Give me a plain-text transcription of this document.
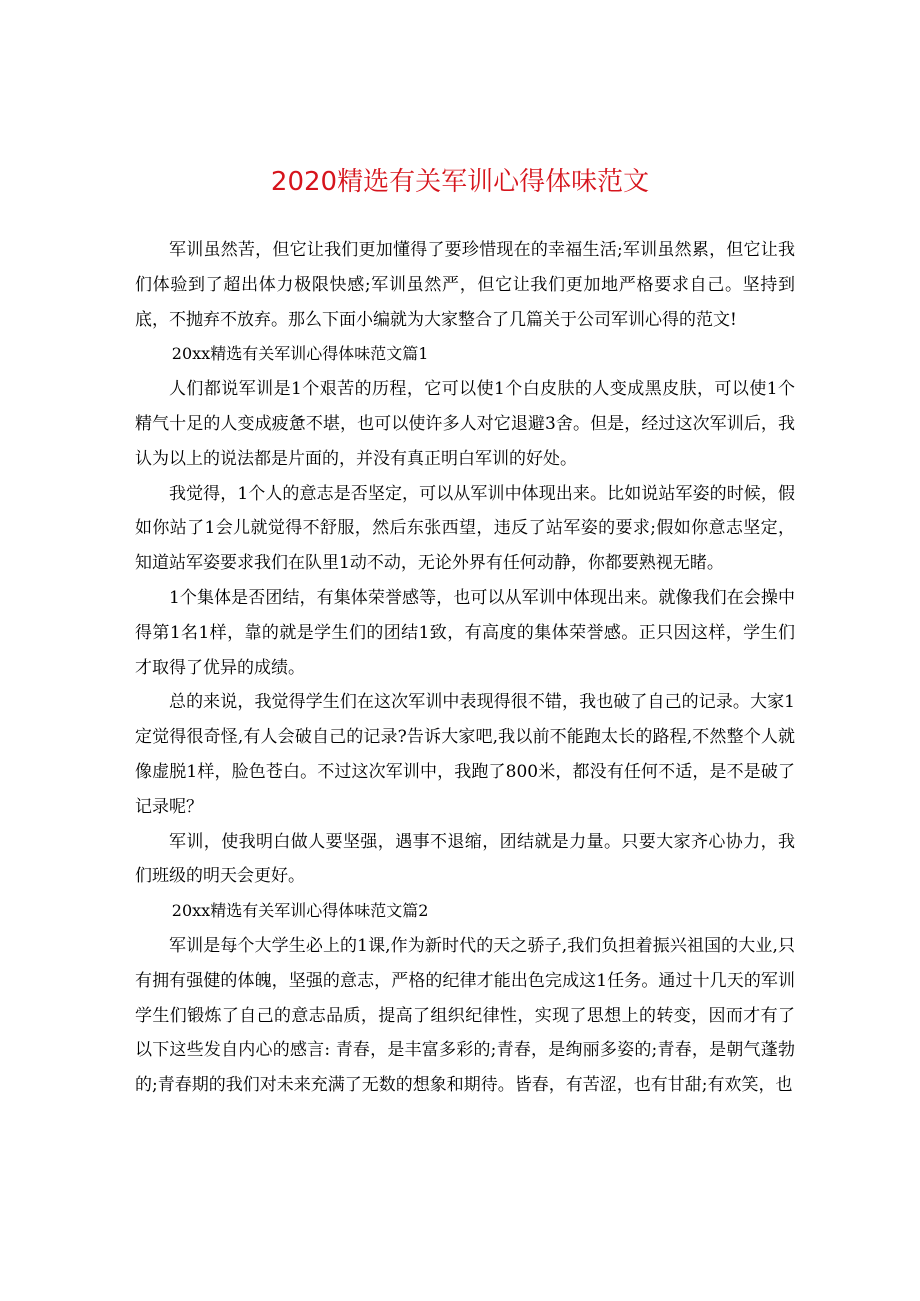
2020精选有关军训心得体味范文

军训虽然苦，但它让我们更加懂得了要珍惜现在的幸福生活;军训虽然累，但它让我们体验到了超出体力极限快感;军训虽然严，但它让我们更加地严格要求自己。坚持到底，不抛弃不放弃。那么下面小编就为大家整合了几篇关于公司军训心得的范文!

20xx精选有关军训心得体味范文篇1

人们都说军训是1个艰苦的历程，它可以使1个白皮肤的人变成黑皮肤，可以使1个精气十足的人变成疲惫不堪，也可以使许多人对它退避3舍。但是，经过这次军训后，我认为以上的说法都是片面的，并没有真正明白军训的好处。

我觉得，1个人的意志是否坚定，可以从军训中体现出来。比如说站军姿的时候，假如你站了1会儿就觉得不舒服，然后东张西望，违反了站军姿的要求;假如你意志坚定，知道站军姿要求我们在队里1动不动，无论外界有任何动静，你都要熟视无睹。

1个集体是否团结，有集体荣誉感等，也可以从军训中体现出来。就像我们在会操中得第1名1样，靠的就是学生们的团结1致，有高度的集体荣誉感。正只因这样，学生们才取得了优异的成绩。

总的来说，我觉得学生们在这次军训中表现得很不错，我也破了自己的记录。大家1定觉得很奇怪,有人会破自己的记录?告诉大家吧,我以前不能跑太长的路程,不然整个人就像虚脱1样，脸色苍白。不过这次军训中，我跑了800米，都没有任何不适，是不是破了记录呢？

军训，使我明白做人要坚强，遇事不退缩，团结就是力量。只要大家齐心协力，我们班级的明天会更好。

20xx精选有关军训心得体味范文篇2

军训是每个大学生必上的1课,作为新时代的天之骄子,我们负担着振兴祖国的大业,只有拥有强健的体魄，坚强的意志，严格的纪律才能出色完成这1任务。通过十几天的军训学生们锻炼了自己的意志品质，提高了组织纪律性，实现了思想上的转变，因而才有了以下这些发自内心的感言: 青春，是丰富多彩的;青春，是绚丽多姿的;青春，是朝气蓬勃的;青春期的我们对未来充满了无数的想象和期待。皆春，有苦涩，也有甘甜;有欢笑，也
